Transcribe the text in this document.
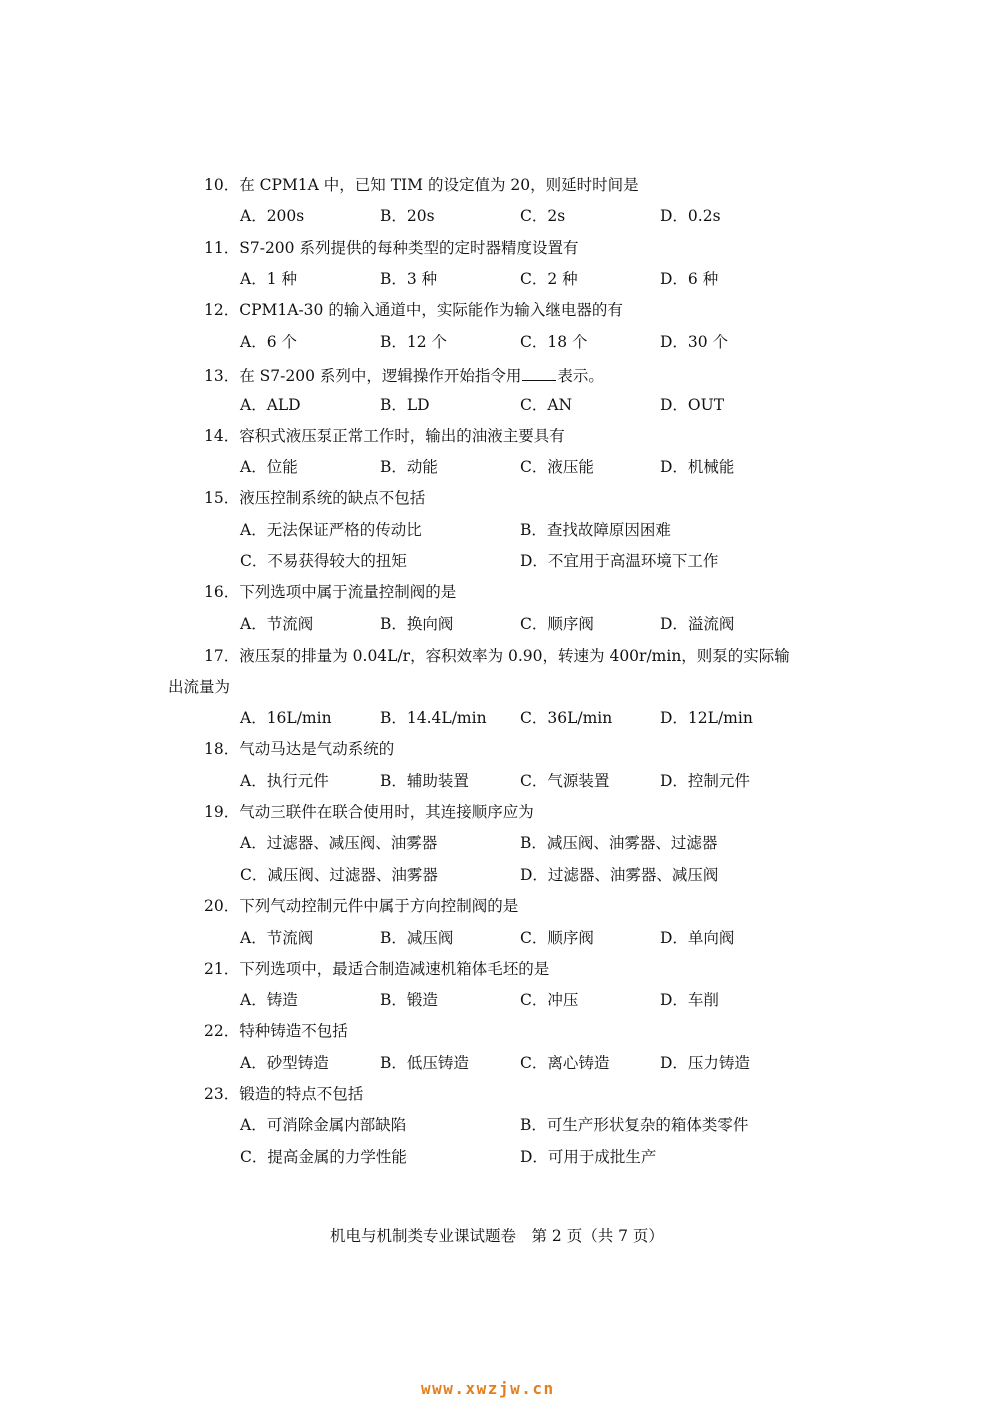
10．在 CPM1A 中，已知 TIM 的设定值为 20，则延时时间是
A．200s	B．20s	C．2s	D．0.2s
11．S7-200 系列提供的每种类型的定时器精度设置有
A．1 种	B．3 种	C．2 种	D．6 种
12．CPM1A-30 的输入通道中，实际能作为输入继电器的有
A．6 个	B．12 个	C．18 个	D．30 个
13．在 S7-200 系列中，逻辑操作开始指令用 表示。
A．ALD	B．LD	C．AN	D．OUT
14．容积式液压泵正常工作时，输出的油液主要具有
A．位能	B．动能	C．液压能	D．机械能
15．液压控制系统的缺点不包括
A．无法保证严格的传动比	B．查找故障原因困难
C．不易获得较大的扭矩	D．不宜用于高温环境下工作
16．下列选项中属于流量控制阀的是
A．节流阀	B．换向阀	C．顺序阀	D．溢流阀
17．液压泵的排量为 0.04L/r，容积效率为 0.90，转速为 400r/min，则泵的实际输
出流量为
A．16L/min	B．14.4L/min C．36L/min	D．12L/min
18．气动马达是气动系统的
A．执行元件	B．辅助装置	C．气源装置	D．控制元件
19．气动三联件在联合使用时，其连接顺序应为
A．过滤器、减压阀、油雾器	B．减压阀、油雾器、过滤器
C．减压阀、过滤器、油雾器	D．过滤器、油雾器、减压阀
20．下列气动控制元件中属于方向控制阀的是
A．节流阀	B．减压阀	C．顺序阀	D．单向阀
21．下列选项中，最适合制造减速机箱体毛坯的是
A．铸造	B．锻造	C．冲压	D．车削
22．特种铸造不包括
A．砂型铸造	B．低压铸造	C．离心铸造	D．压力铸造
23．锻造的特点不包括
A．可消除金属内部缺陷	B．可生产形状复杂的箱体类零件
C．提高金属的力学性能	D．可用于成批生产
机电与机制类专业课试题卷　第 2 页（共 7 页）
www.xwzjw.cn
